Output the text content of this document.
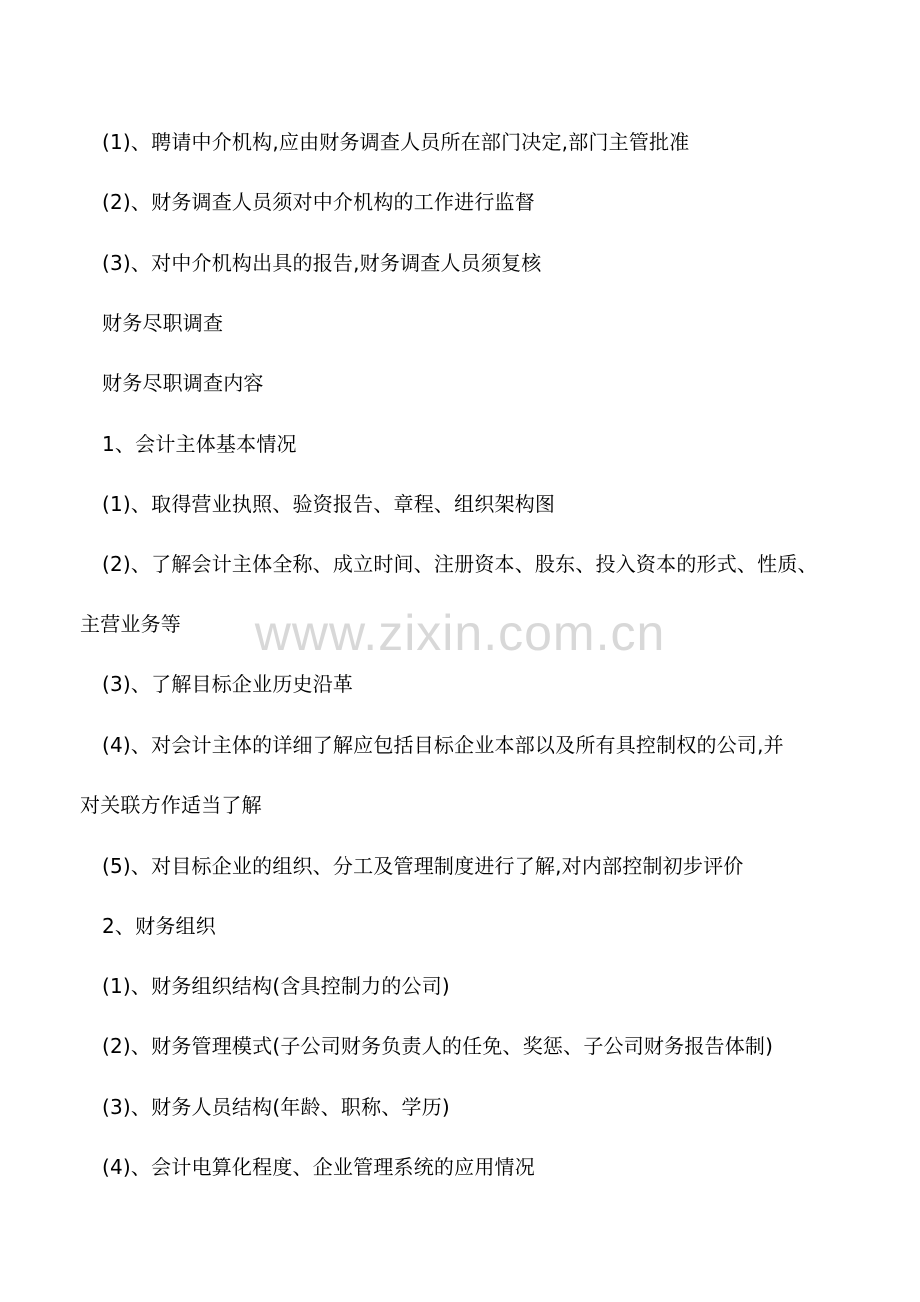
www.zixin.com.cn
(1)、聘请中介机构,应由财务调查人员所在部门决定,部门主管批准
(2)、财务调查人员须对中介机构的工作进行监督
(3)、对中介机构出具的报告,财务调查人员须复核
财务尽职调查
财务尽职调查内容
1、会计主体基本情况
(1)、取得营业执照、验资报告、章程、组织架构图
(2)、了解会计主体全称、成立时间、注册资本、股东、投入资本的形式、性质、
主营业务等
(3)、了解目标企业历史沿革
(4)、对会计主体的详细了解应包括目标企业本部以及所有具控制权的公司,并
对关联方作适当了解
(5)、对目标企业的组织、分工及管理制度进行了解,对内部控制初步评价
2、财务组织
(1)、财务组织结构(含具控制力的公司)
(2)、财务管理模式(子公司财务负责人的任免、奖惩、子公司财务报告体制)
(3)、财务人员结构(年龄、职称、学历)
(4)、会计电算化程度、企业管理系统的应用情况
